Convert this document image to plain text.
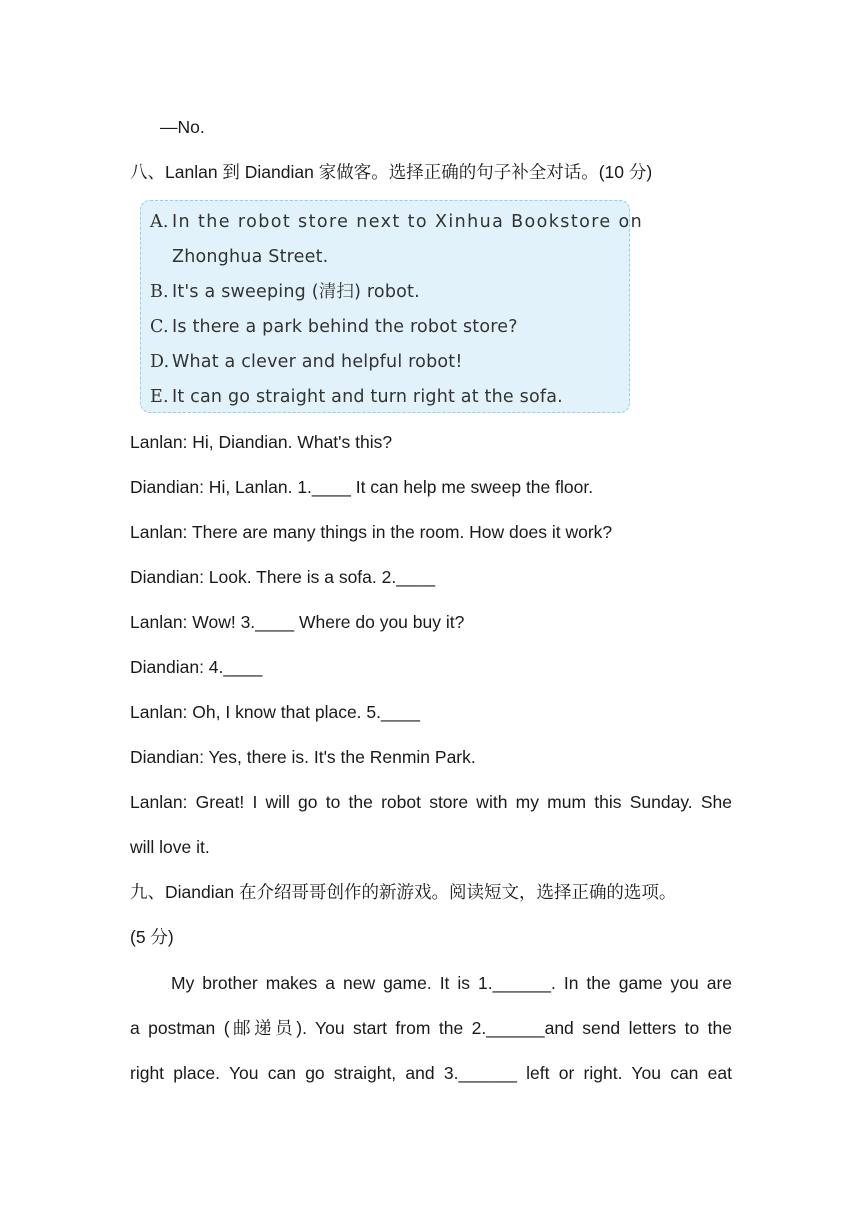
—No.
八、Lanlan 到 Diandian 家做客。选择正确的句子补全对话。(10 分)
A. In the robot store next to Xinhua Bookstore on
Zhonghua Street.
B. It's a sweeping (清扫) robot.
C. Is there a park behind the robot store?
D. What a clever and helpful robot!
E. It can go straight and turn right at the sofa.
Lanlan: Hi, Diandian. What's this?
Diandian: Hi, Lanlan. 1.____ It can help me sweep the floor.
Lanlan: There are many things in the room. How does it work?
Diandian: Look. There is a sofa. 2.____
Lanlan: Wow! 3.____ Where do you buy it?
Diandian: 4.____
Lanlan: Oh, I know that place. 5.____
Diandian: Yes, there is. It's the Renmin Park.
Lanlan: Great! I will go to the robot store with my mum this Sunday. She
will love it.
九、Diandian 在介绍哥哥创作的新游戏。阅读短文，选择正确的选项。
(5 分)
My brother makes a new game. It is 1.______. In the game you are
a postman (邮递员). You start from the 2.______and send letters to the
right place. You can go straight, and 3.______ left or right. You can eat
